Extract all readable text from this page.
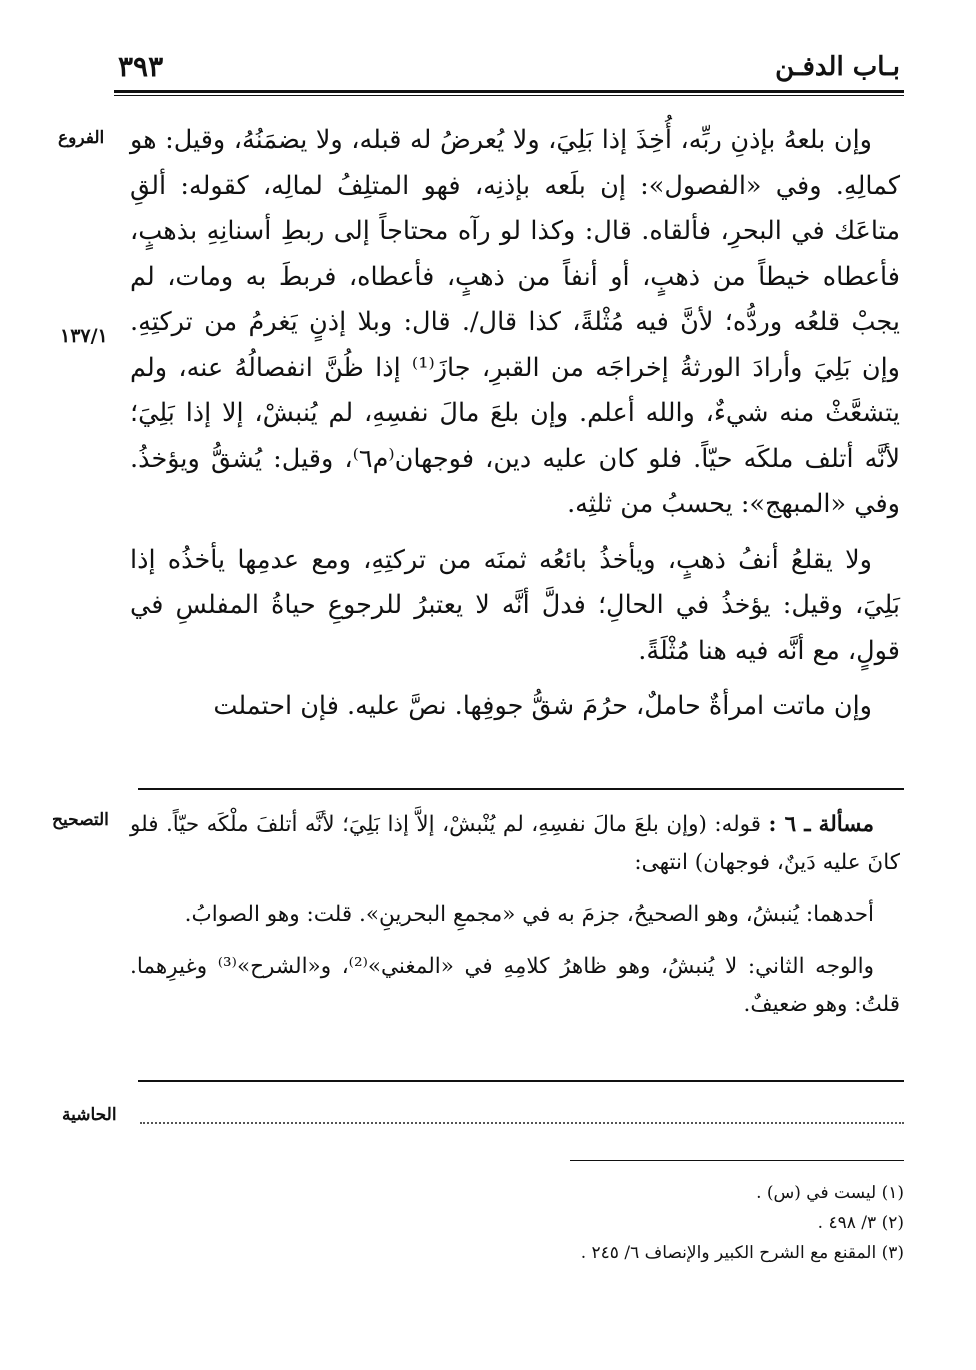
بـاب الدفـن
٣٩٣
الفروع
١٣٧/١
التصحيح
الحاشية

وإن بلعهُ بإذنِ ربِّه، أُخِذَ إذا بَلِيَ، ولا يُعرضُ له قبله، ولا يضمَنُهُ، وقيل: هو كمالِهِ. وفي «الفصول»: إن بلَعه بإذنِه، فهو المتلِفُ لمالِه، كقوله: ألقِ متاعَك في البحرِ، فألقاه. قال: وكذا لو رآه محتاجاً إلى ربطِ أسنانِهِ بذهبٍ، فأعطاه خيطاً من ذهبٍ، أو أنفاً من ذهبٍ، فأعطاه، فربطَ به ومات، لم يجبْ قلعُه وردُّه؛ لأنَّ فيه مُثْلةً، كذا قال/. قال: وبلا إذنٍ يَغرمُ من تركتِهِ. وإن بَلِيَ وأرادَ الورثةُ إخراجَه من القبرِ، جازَ⁽¹⁾ إذا ظُنَّ انفصالُهُ عنه، ولم يتشعَّثْ منه شيءٌ، والله أعلم. وإن بلعَ مالَ نفسِهِ، لم يُنبشْ، إلا إذا بَلِيَ؛ لأنَّه أتلف ملكَه حيّاً. فلو كان عليه دين، فوجهان⁽م٦⁾، وقيل: يُشقُّ ويؤخذُ. وفي «المبهج»: يحسبُ من ثلثِه.

ولا يقلعُ أنفُ ذهبٍ، ويأخذُ بائعُه ثمنَه من تركتِهِ، ومع عدمِها يأخذُه إذا بَلِيَ، وقيل: يؤخذُ في الحالِ؛ فدلَّ أنَّه لا يعتبرُ للرجوعِ حياةُ المفلسِ في قولٍ، مع أنَّه فيه هنا مُثْلَةً.

وإن ماتت امرأةٌ حاملٌ، حرُمَ شقُّ جوفِها. نصَّ عليه. فإن احتملت

مسألة ـ ٦ : قوله: (وإن بلعَ مالَ نفسِهِ، لم يُنْبشْ، إلاَّ إذا بَلِيَ؛ لأنَّه أتلفَ ملْكَه حيّاً. فلو كانَ عليه دَينٌ، فوجهان) انتهى:

أحدهما: يُنبشُ، وهو الصحيحُ، جزمَ به في «مجمعِ البحرينِ». قلت: وهو الصوابُ.

والوجه الثاني: لا يُنبشُ، وهو ظاهرُ كلامِهِ في «المغني»⁽²⁾، و«الشرح»⁽³⁾ وغيرِهما. قلتُ: وهو ضعيفٌ.

(١) ليست في (س) .
(٢) ٣/ ٤٩٨ .
(٣) المقنع مع الشرح الكبير والإنصاف ٦/ ٢٤٥ .
